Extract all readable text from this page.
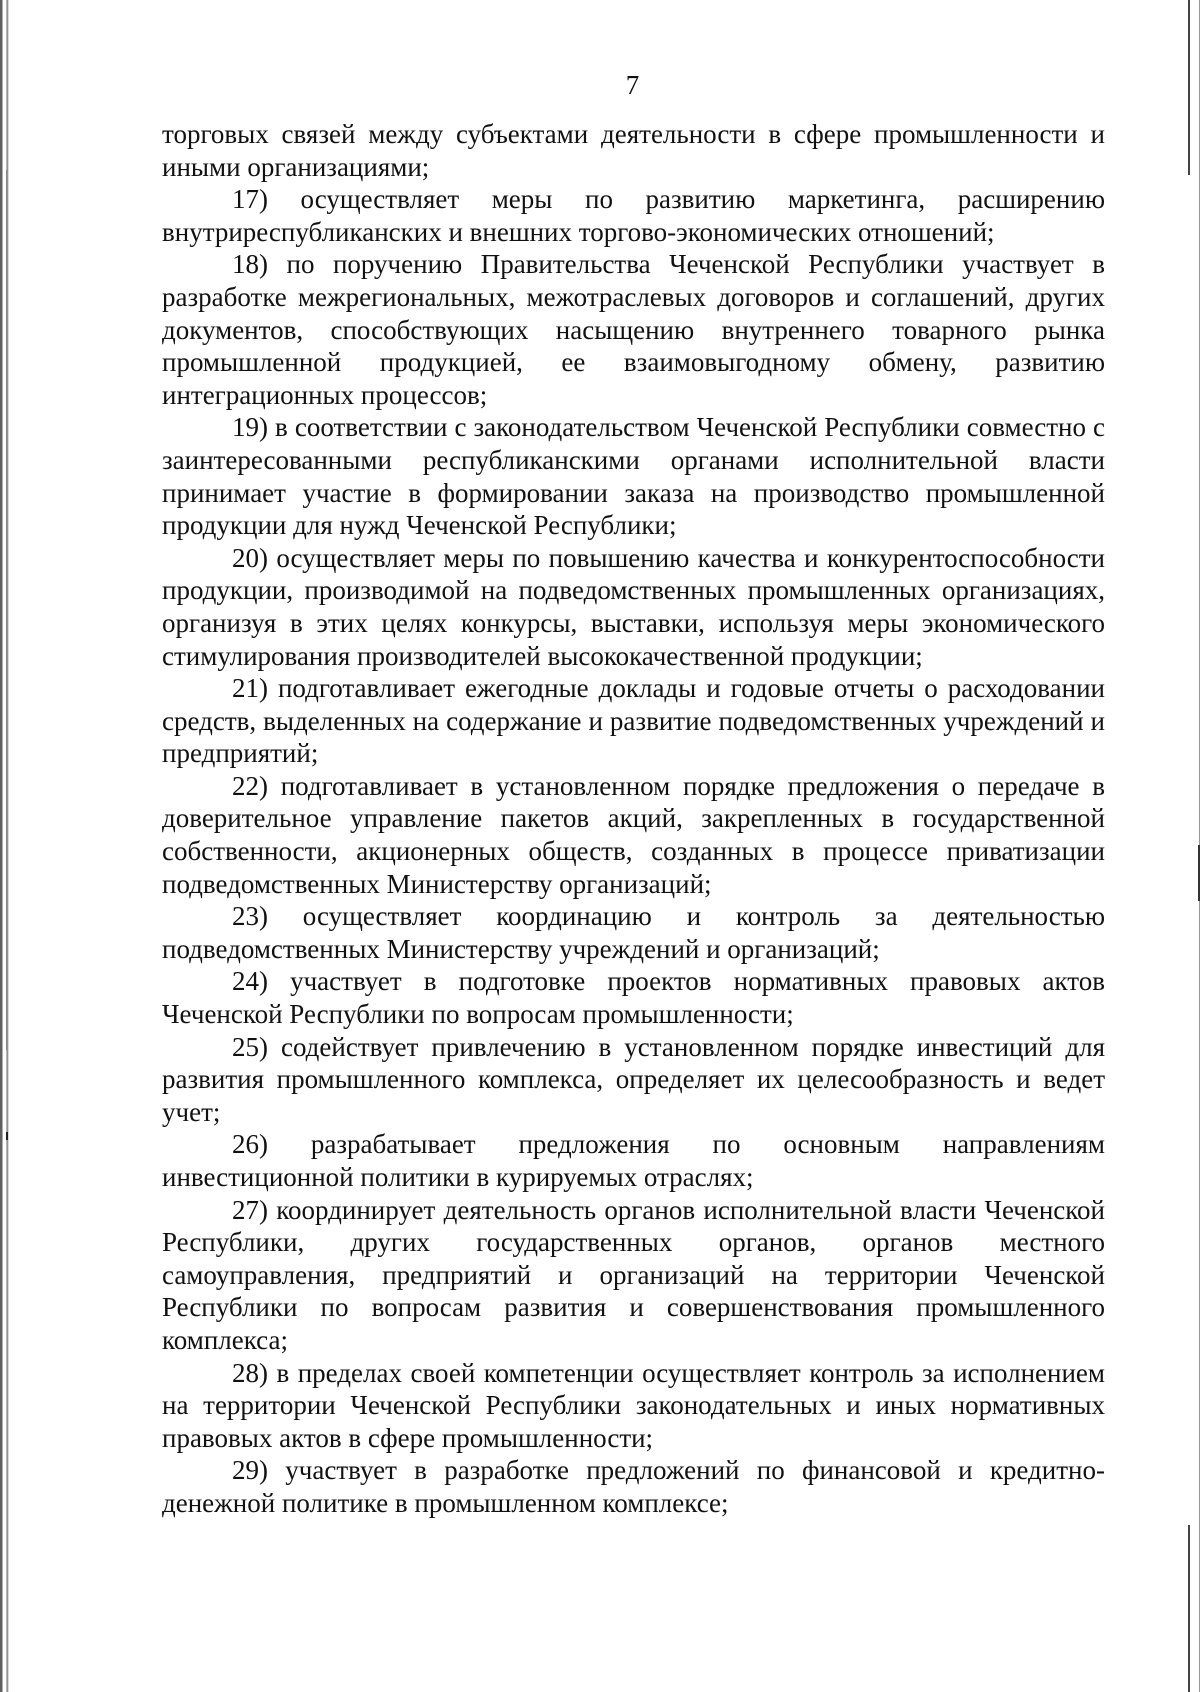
7

торговых связей между субъектами деятельности в сфере промышленности и иными организациями;

17) осуществляет меры по развитию маркетинга, расширению внутриреспубликанских и внешних торгово-экономических отношений;

18) по поручению Правительства Чеченской Республики участвует в разработке межрегиональных, межотраслевых договоров и соглашений, других документов, способствующих насыщению внутреннего товарного рынка промышленной продукцией, ее взаимовыгодному обмену, развитию интеграционных процессов;

19) в соответствии с законодательством Чеченской Республики совместно с заинтересованными республиканскими органами исполнительной власти принимает участие в формировании заказа на производство промышленной продукции для нужд Чеченской Республики;

20) осуществляет меры по повышению качества и конкурентоспособности продукции, производимой на подведомственных промышленных организациях, организуя в этих целях конкурсы, выставки, используя меры экономического стимулирования производителей высококачественной продукции;

21) подготавливает ежегодные доклады и годовые отчеты о расходовании средств, выделенных на содержание и развитие подведомственных учреждений и предприятий;

22) подготавливает в установленном порядке предложения о передаче в доверительное управление пакетов акций, закрепленных в государственной собственности, акционерных обществ, созданных в процессе приватизации подведомственных Министерству организаций;

23) осуществляет координацию и контроль за деятельностью подведомственных Министерству учреждений и организаций;

24) участвует в подготовке проектов нормативных правовых актов Чеченской Республики по вопросам промышленности;

25) содействует привлечению в установленном порядке инвестиций для развития промышленного комплекса, определяет их целесообразность и ведет учет;

26) разрабатывает предложения по основным направлениям инвестиционной политики в курируемых отраслях;

27) координирует деятельность органов исполнительной власти Чеченской Республики, других государственных органов, органов местного самоуправления, предприятий и организаций на территории Чеченской Республики по вопросам развития и совершенствования промышленного комплекса;

28) в пределах своей компетенции осуществляет контроль за исполнением на территории Чеченской Республики законодательных и иных нормативных правовых актов в сфере промышленности;

29) участвует в разработке предложений по финансовой и кредитно-денежной политике в промышленном комплексе;
